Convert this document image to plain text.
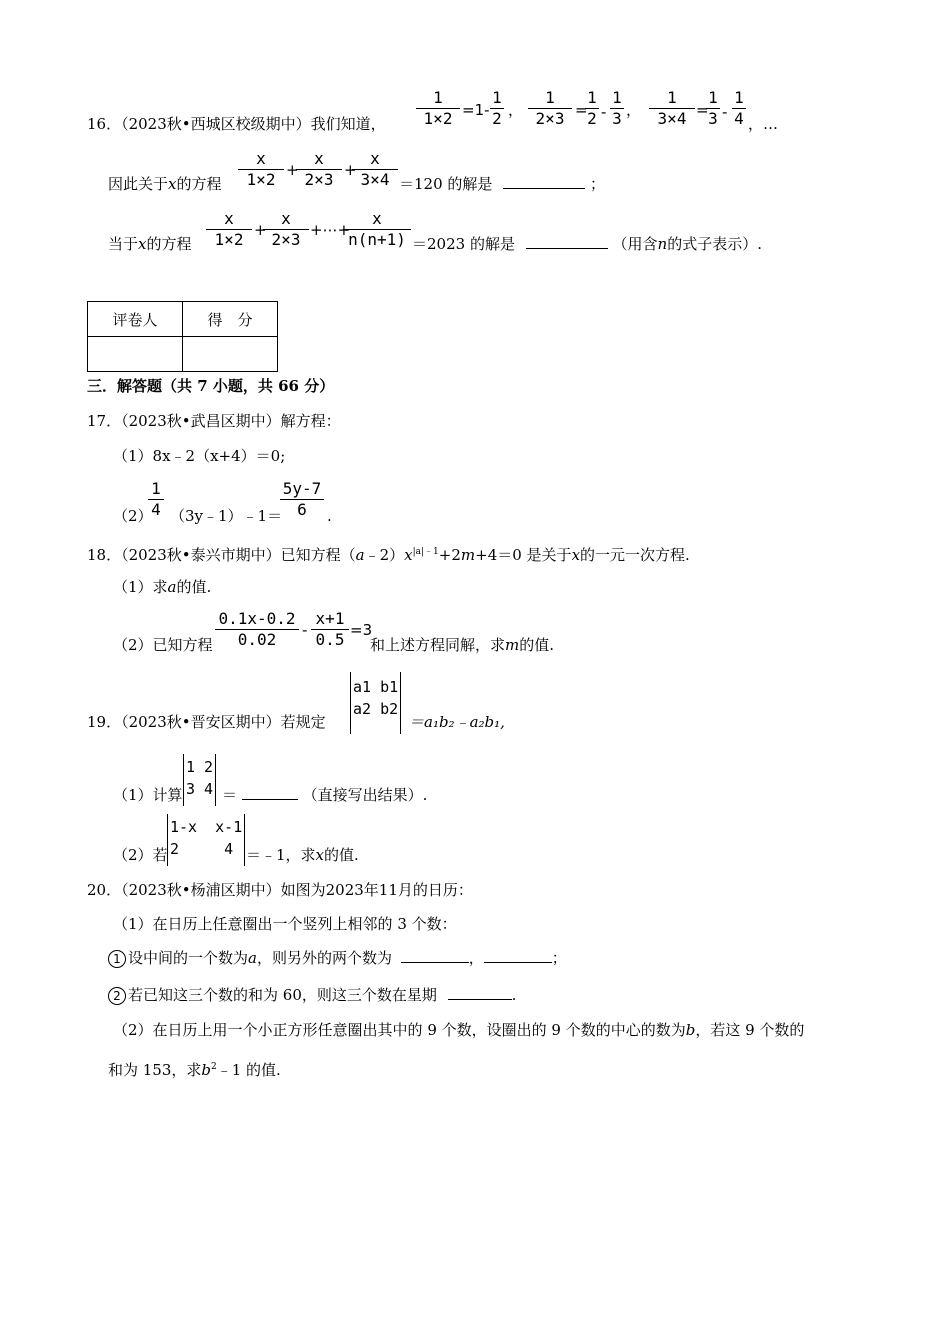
16．（2023秋•西城区校级期中）我们知道，
1
1×2 =1-
1
2 ，
1
2×3 =
1
2 -
1
3 ，
1
3×4 =
1
3 -
1
4 ，…
因此关于x的方程
x
1×2 +
x
2×3 +
x
3×4 ＝120 的解是	；
当于x的方程
x
1×2 +
x
2×3 +⋯+
x
n(n+1) ＝2023 的解是	（用含n的式子表示）.
评卷人	得　分

三．解答题（共 7 小题，共 66 分）
17．（2023秋•武昌区期中）解方程：
（1）8x﹣2（x+4）＝0;
（2）
1
4 （3y﹣1）﹣1＝
5y-7
6	.
18．（2023秋•泰兴市期中）已知方程$(a﹣2)x^{|a|﹣1}+2m+4=0$ 是关于x的一元一次方程.
（1）求a的值.
（2）已知方程
0.1x-0.2
0.02	-
x+1
0.5 =3
和上述方程同解，求m的值.
19．（2023秋•晋安区期中）若规定
a1 b1
a2 b2
＝a₁b₂﹣a₂b₁,
（1）计算
1 2
3 4 ＝	（直接写出结果）.
（2）若
1-x  x-1
2     4 ＝﹣1，求x的值.
20．（2023秋•杨浦区期中）如图为2023年11月的日历：
（1）在日历上任意圈出一个竖列上相邻的 3 个数：
1 设中间的一个数为a，则另外的两个数为	，	；
2 若已知这三个数的和为 60，则这三个数在星期	.
（2）在日历上用一个小正方形任意圈出其中的 9 个数，设圈出的 9 个数的中心的数为b，若这 9 个数的
和为 153，求$b^2﹣1$ 的值.
